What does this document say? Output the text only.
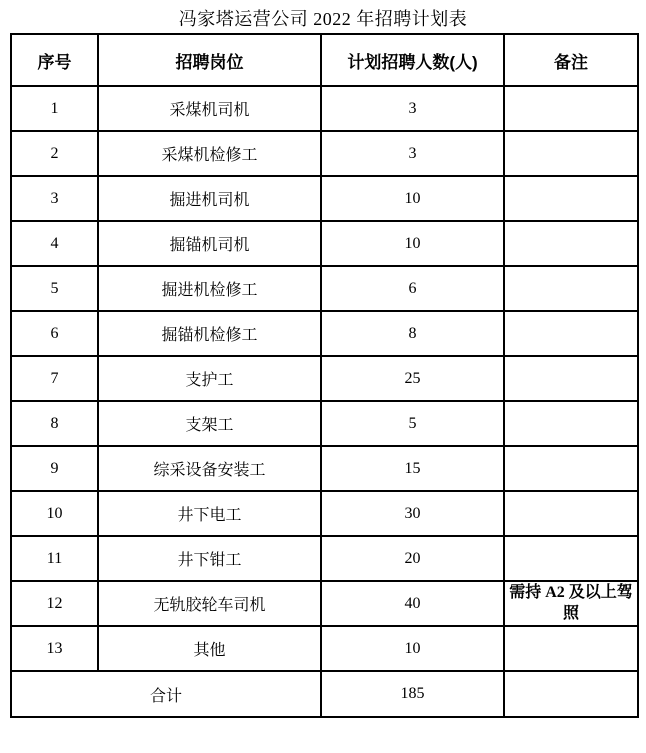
冯家塔运营公司 2022 年招聘计划表
序号	招聘岗位	计划招聘人数(人)	备注
1	采煤机司机	3	
2	采煤机检修工	3	
3	掘进机司机	10	
4	掘锚机司机	10	
5	掘进机检修工	6	
6	掘锚机检修工	8	
7	支护工	25	
8	支架工	5	
9	综采设备安装工	15	
10	井下电工	30	
11	井下钳工	20	
12	无轨胶轮车司机	40	需持 A2 及以上驾照
13	其他	10	
合计		185	
